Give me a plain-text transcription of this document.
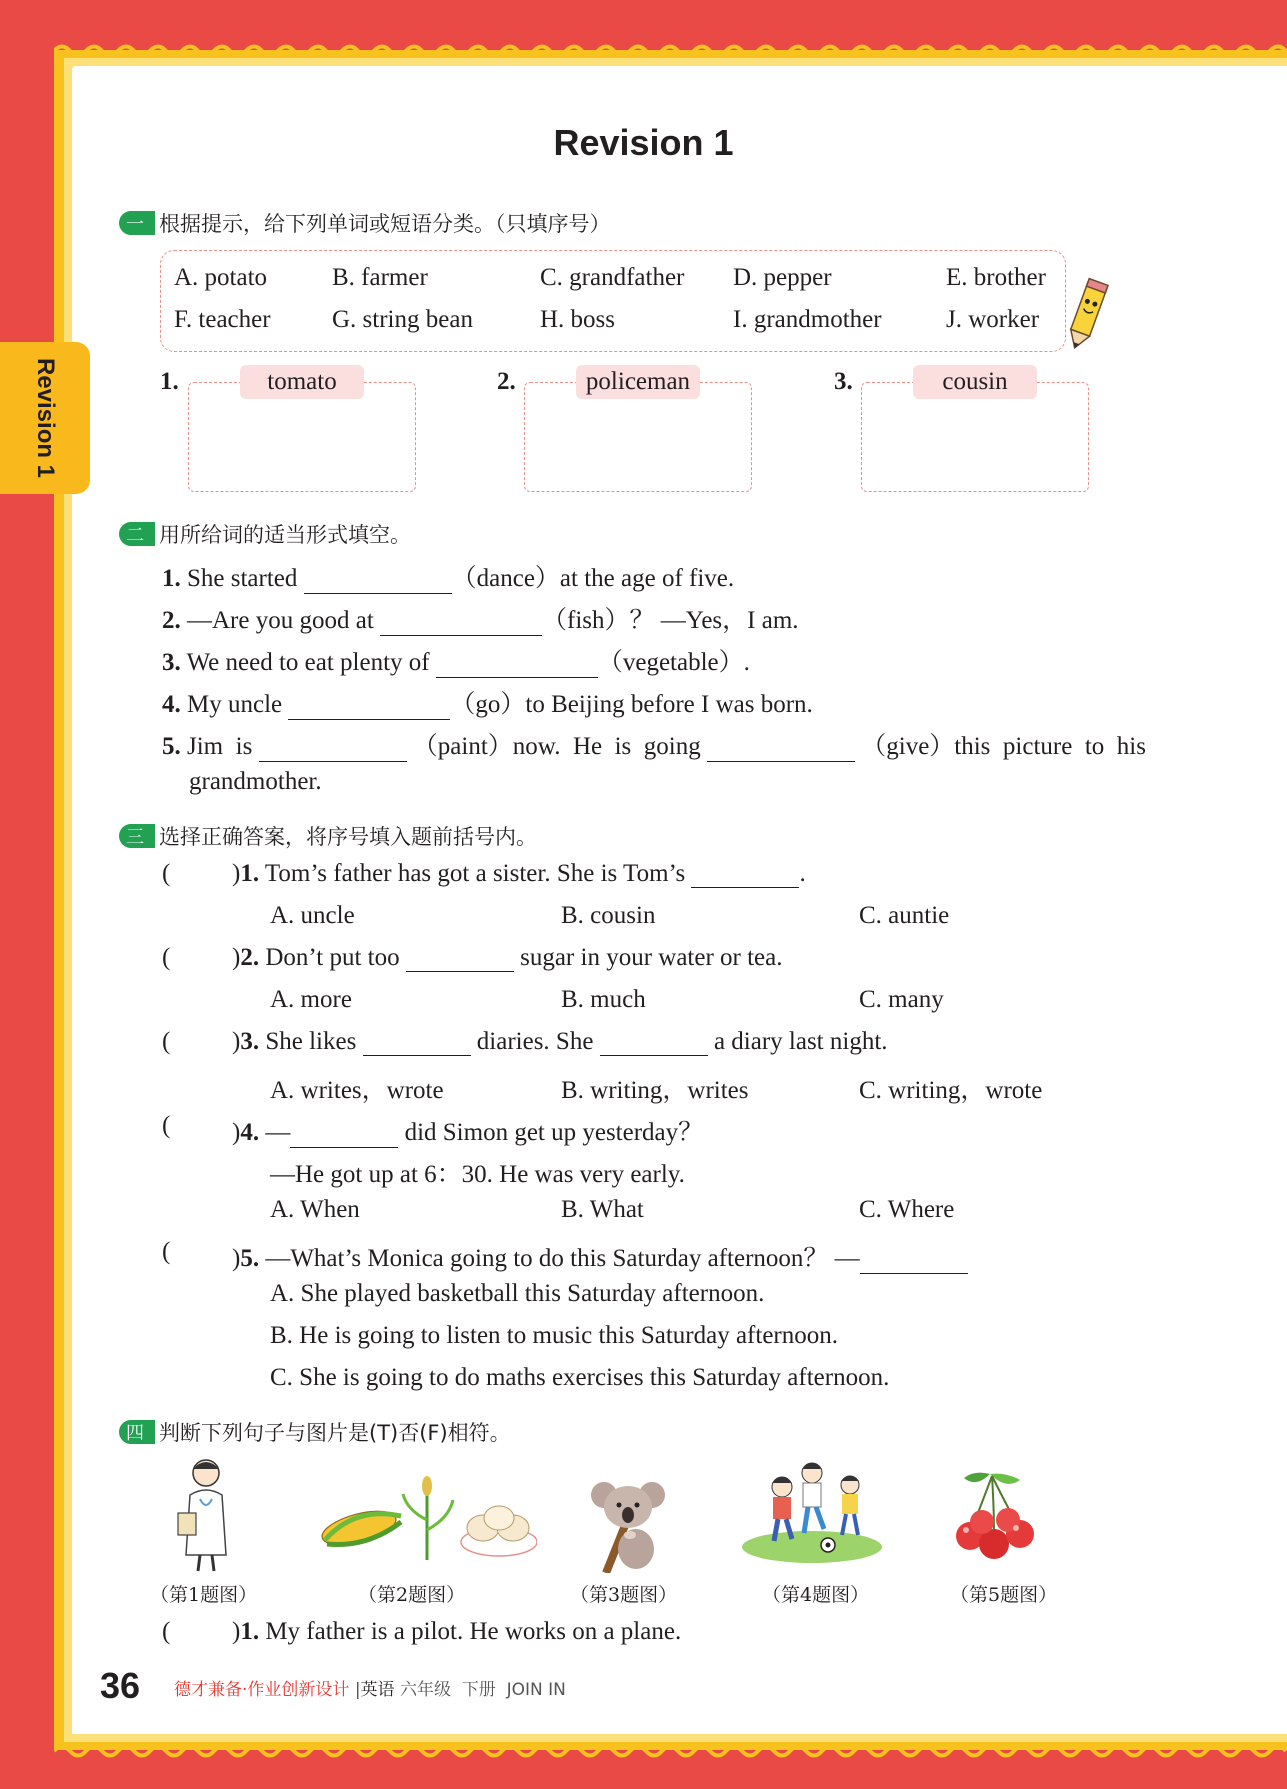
Revision 1
Revision 1
一 根据提示，给下列单词或短语分类。（只填序号）
A. potato	B. farmer	C. grandfather D. pepper	E. brother
F. teacher G. string bean	H. boss	I. grandmother	J. worker
1.	tomato	2.	policeman	3.	cousin
二 用所给词的适当形式填空。
1. She started	（dance）at the age of five.
2. —Are you good at	（fish）？ —Yes，I am.
3. We need to eat plenty of	（vegetable）.
4. My uncle	（go）to Beijing before I was born.
5. Jim  is	（paint）now.  He  is  going	（give）this  picture  to  his
grandmother.
三 选择正确答案，将序号填入题前括号内。
( )1. Tom’s father has got a sister. She is Tom’s	.
A. uncle	B. cousin	C. auntie
( )2. Don’t put too	sugar in your water or tea.
A. more	B. much	C. many
( )3. She likes	diaries. She	a diary last night.
A. writes，wrote	B. writing，writes	C. writing，wrote
( )4. —	did Simon get up yesterday？
—He got up at 6：30. He was very early.
A. When	B. What	C. Where
( )5. —What’s Monica going to do this Saturday afternoon？ —
A. She played basketball this Saturday afternoon.
B. He is going to listen to music this Saturday afternoon.
C. She is going to do maths exercises this Saturday afternoon.
四 判断下列句子与图片是(T)否(F)相符。
（第1题图）	（第2题图）	（第3题图）	（第4题图）	（第5题图）
( )1. My father is a pilot. He works on a plane.
36 德才兼备·作业创新设计 |英语 六年级  下册  JOIN IN
